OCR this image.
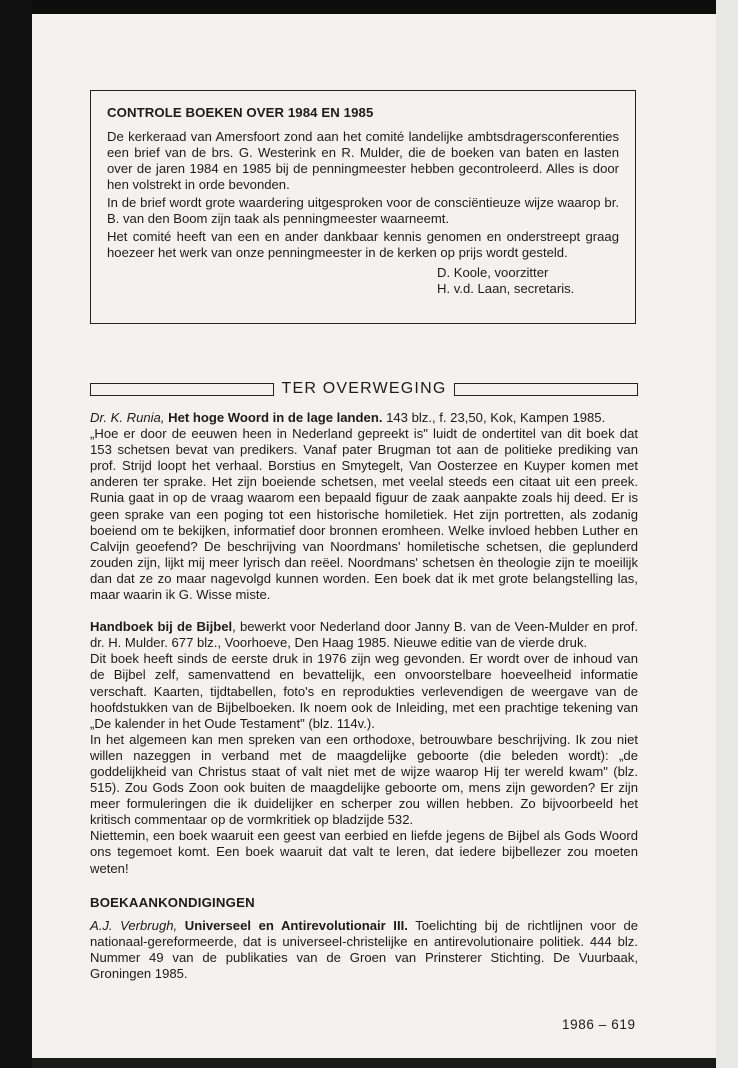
CONTROLE BOEKEN OVER 1984 EN 1985

De kerkeraad van Amersfoort zond aan het comité landelijke ambtsdragersconferenties een brief van de brs. G. Westerink en R. Mulder, die de boeken van baten en lasten over de jaren 1984 en 1985 bij de penningmeester hebben gecontroleerd. Alles is door hen volstrekt in orde bevonden.

In de brief wordt grote waardering uitgesproken voor de consciëntieuze wijze waarop br. B. van den Boom zijn taak als penningmeester waarneemt.

Het comité heeft van een en ander dankbaar kennis genomen en onderstreept graag hoezeer het werk van onze penningmeester in de kerken op prijs wordt gesteld.

D. Koole, voorzitter
H. v.d. Laan, secretaris.
TER OVERWEGING

Dr. K. Runia, Het hoge Woord in de lage landen. 143 blz., f. 23,50, Kok, Kampen 1985.

„Hoe er door de eeuwen heen in Nederland gepreekt is" luidt de ondertitel van dit boek dat 153 schetsen bevat van predikers. Vanaf pater Brugman tot aan de politieke prediking van prof. Strijd loopt het verhaal. Borstius en Smytegelt, Van Oosterzee en Kuyper komen met anderen ter sprake. Het zijn boeiende schetsen, met veelal steeds een citaat uit een preek. Runia gaat in op de vraag waarom een bepaald figuur de zaak aanpakte zoals hij deed. Er is geen sprake van een poging tot een historische homiletiek. Het zijn portretten, als zodanig boeiend om te bekijken, informatief door bronnen eromheen. Welke invloed hebben Luther en Calvijn geoefend? De beschrijving van Noordmans' homiletische schetsen, die geplunderd zouden zijn, lijkt mij meer lyrisch dan reëel. Noordmans' schetsen èn theologie zijn te moeilijk dan dat ze zo maar nagevolgd kunnen worden. Een boek dat ik met grote belangstelling las, maar waarin ik G. Wisse miste.

Handboek bij de Bijbel, bewerkt voor Nederland door Janny B. van de Veen-Mulder en prof. dr. H. Mulder. 677 blz., Voorhoeve, Den Haag 1985. Nieuwe editie van de vierde druk.

Dit boek heeft sinds de eerste druk in 1976 zijn weg gevonden. Er wordt over de inhoud van de Bijbel zelf, samenvattend en bevattelijk, een onvoorstelbare hoeveelheid informatie verschaft. Kaarten, tijdtabellen, foto's en reprodukties verlevendigen de weergave van de hoofdstukken van de Bijbelboeken. Ik noem ook de Inleiding, met een prachtige tekening van „De kalender in het Oude Testament" (blz. 114v.).

In het algemeen kan men spreken van een orthodoxe, betrouwbare beschrijving. Ik zou niet willen nazeggen in verband met de maagdelijke geboorte (die beleden wordt): „de goddelijkheid van Christus staat of valt niet met de wijze waarop Hij ter wereld kwam" (blz. 515). Zou Gods Zoon ook buiten de maagdelijke geboorte om, mens zijn geworden? Er zijn meer formuleringen die ik duidelijker en scherper zou willen hebben. Zo bijvoorbeeld het kritisch commentaar op de vormkritiek op bladzijde 532.

Niettemin, een boek waaruit een geest van eerbied en liefde jegens de Bijbel als Gods Woord ons tegemoet komt. Een boek waaruit dat valt te leren, dat iedere bijbellezer zou moeten weten!

BOEKAANKONDIGINGEN

A.J. Verbrugh, Universeel en Antirevolutionair III. Toelichting bij de richtlijnen voor de nationaal-gereformeerde, dat is universeel-christelijke en antirevolutionaire politiek. 444 blz. Nummer 49 van de publikaties van de Groen van Prinsterer Stichting. De Vuurbaak, Groningen 1985.

1986 – 619
